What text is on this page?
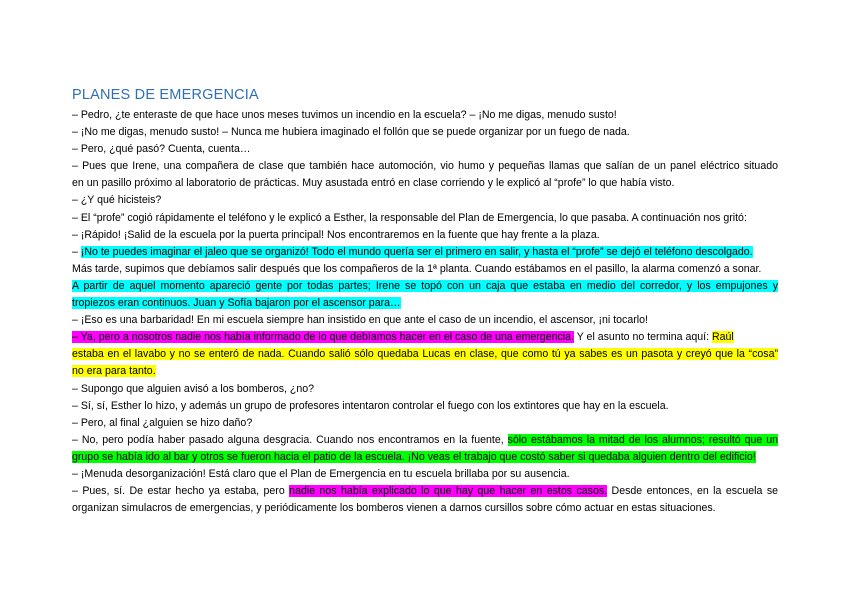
PLANES DE EMERGENCIA
– Pedro, ¿te enteraste de que hace unos meses tuvimos un incendio en la escuela? – ¡No me digas, menudo susto!
– ¡No me digas, menudo susto! – Nunca me hubiera imaginado el follón que se puede organizar por un fuego de nada.
– Pero, ¿qué pasó? Cuenta, cuenta…
– Pues que Irene, una compañera de clase que también hace automoción, vio humo y pequeñas llamas que salían de un panel eléctrico situado
en un pasillo próximo al laboratorio de prácticas. Muy asustada entró en clase corriendo y le explicó al “profe” lo que había visto.
– ¿Y qué hicisteis?
– El “profe” cogió rápidamente el teléfono y le explicó a Esther, la responsable del Plan de Emergencia, lo que pasaba. A continuación nos gritó:
– ¡Rápido! ¡Salid de la escuela por la puerta principal! Nos encontraremos en la fuente que hay frente a la plaza.
– ¡No te puedes imaginar el jaleo que se organizó! Todo el mundo quería ser el primero en salir, y hasta el “profe” se dejó el teléfono descolgado.
Más tarde, supimos que debíamos salir después que los compañeros de la 1ª planta. Cuando estábamos en el pasillo, la alarma comenzó a sonar.
A partir de aquel momento apareció gente por todas partes; Irene se topó con un caja que estaba en medio del corredor, y los empujones y
tropiezos eran continuos. Juan y Sofía bajaron por el ascensor para…
– ¡Eso es una barbaridad! En mi escuela siempre han insistido en que ante el caso de un incendio, el ascensor, ¡ni tocarlo!
– Ya, pero a nosotros nadie nos había informado de lo que debíamos hacer en el caso de una emergencia. Y el asunto no termina aquí: Raúl
estaba en el lavabo y no se enteró de nada. Cuando salió sólo quedaba Lucas en clase, que como tú ya sabes es un pasota y creyó que la “cosa”
no era para tanto.
– Supongo que alguien avisó a los bomberos, ¿no?
– Sí, sí, Esther lo hizo, y además un grupo de profesores intentaron controlar el fuego con los extintores que hay en la escuela.
– Pero, al final ¿alguien se hizo daño?
– No, pero podía haber pasado alguna desgracia. Cuando nos encontramos en la fuente, sólo estábamos la mitad de los alumnos; resultó que un
grupo se había ido al bar y otros se fueron hacia el patio de la escuela. ¡No veas el trabajo que costó saber si quedaba alguien dentro del edificio!
– ¡Menuda desorganización! Está claro que el Plan de Emergencia en tu escuela brillaba por su ausencia.
– Pues, sí. De estar hecho ya estaba, pero nadie nos había explicado lo que hay que hacer en estos casos. Desde entonces, en la escuela se
organizan simulacros de emergencias, y periódicamente los bomberos vienen a darnos cursillos sobre cómo actuar en estas situaciones.
